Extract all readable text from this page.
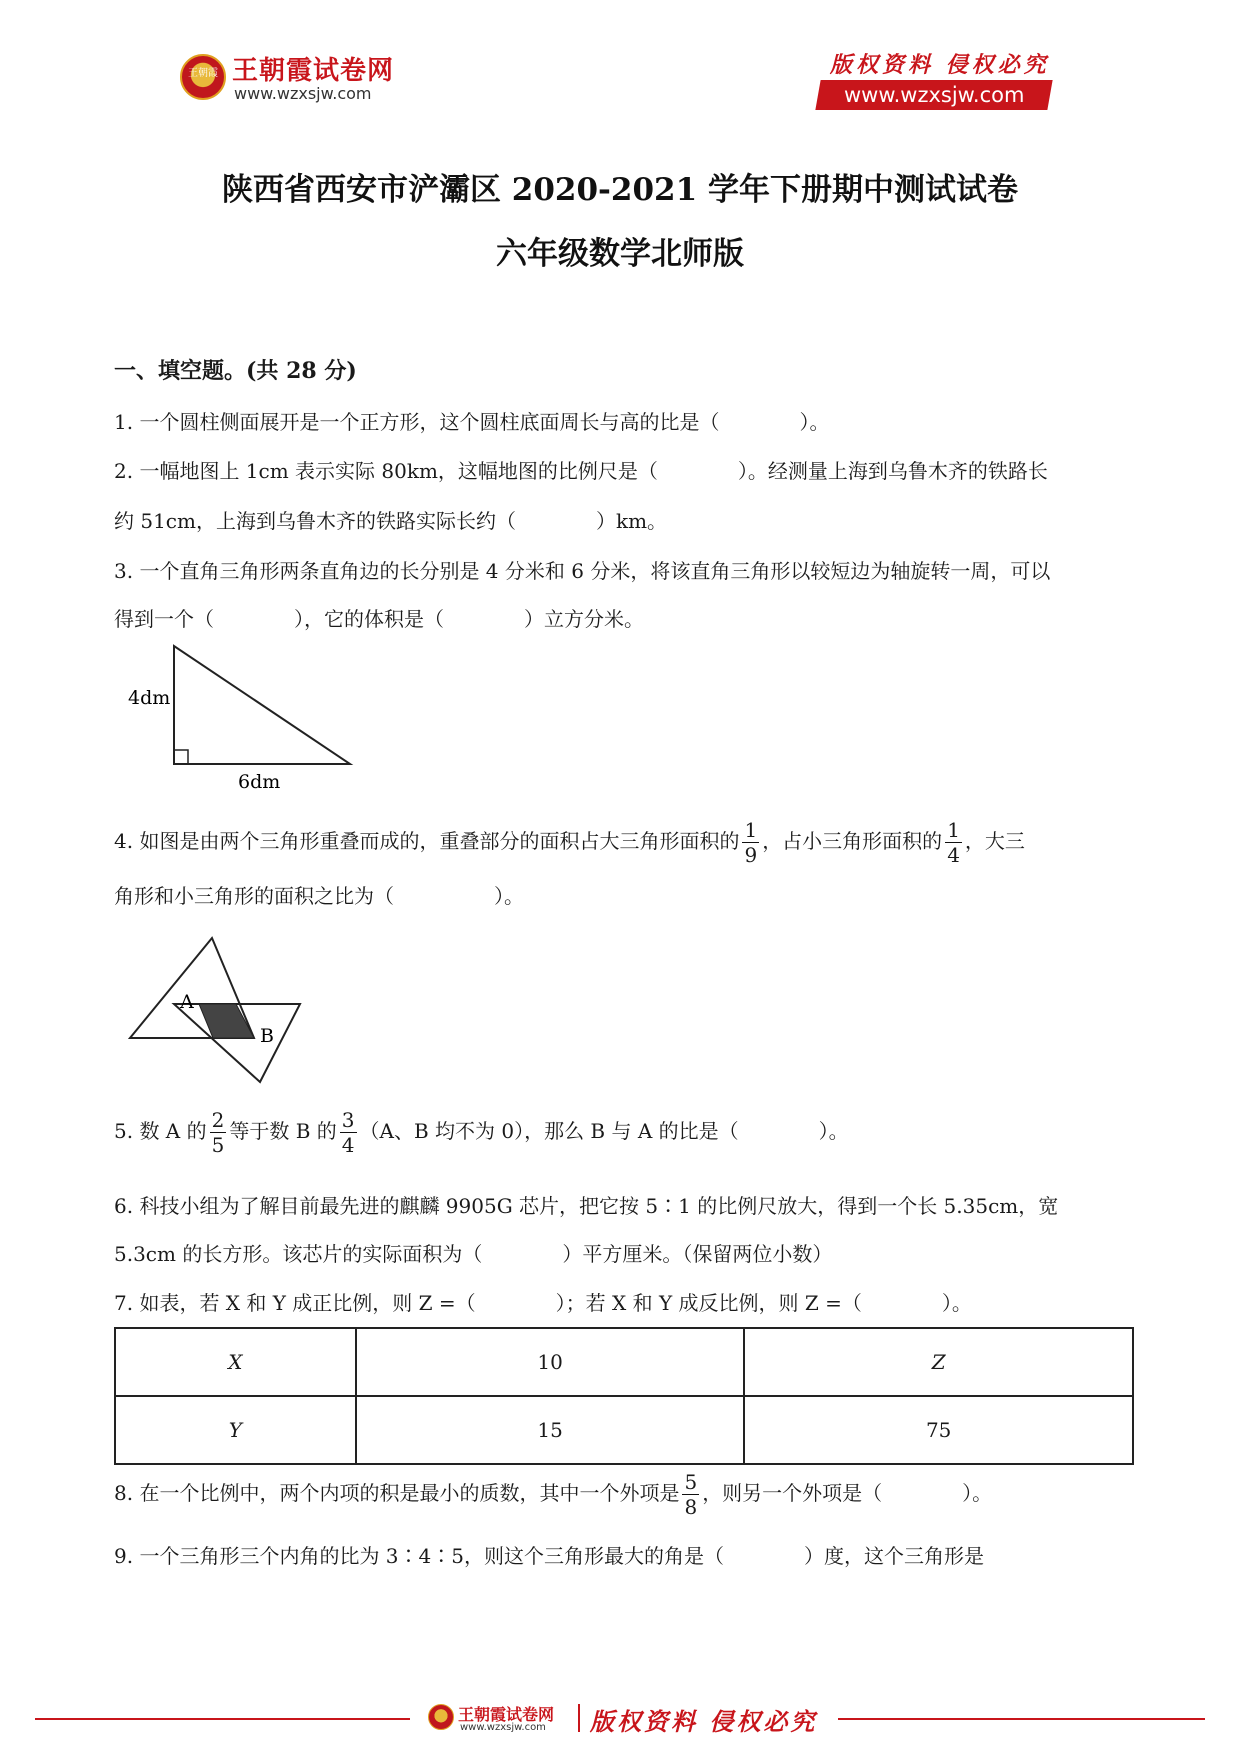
王朝霞 王朝霞试卷网
www.wzxsjw.com
版权资料 侵权必究
www.wzxsjw.com
陕西省西安市浐灞区 2020-2021 学年下册期中测试试卷
六年级数学北师版
一、填空题。(共 28 分)
1. 一个圆柱侧面展开是一个正方形，这个圆柱底面周长与高的比是（　　　　）。
2. 一幅地图上 1cm 表示实际 80km，这幅地图的比例尺是（　　　　）。经测量上海到乌鲁木齐的铁路长
约 51cm，上海到乌鲁木齐的铁路实际长约（　　　　）km。
3. 一个直角三角形两条直角边的长分别是 4 分米和 6 分米，将该直角三角形以较短边为轴旋转一周，可以
得到一个（　　　　），它的体积是（　　　　）立方分米。
4dm
6dm
4. 如图是由两个三角形重叠而成的，重叠部分的面积占大三角形面积的 $\frac{1}{9}$ ，占小三角形面积的 $\frac{1}{4}$ ，大三
角形和小三角形的面积之比为（　　　　　）。
A
B
5. 数 A 的 $\frac{2}{5}$ 等于数 B 的 $\frac{3}{4} (A$、B 均不为 0），那么 B 与 A 的比是（　　　　）。
6. 科技小组为了解目前最先进的麒麟 9905G 芯片，把它按 5∶1 的比例尺放大，得到一个长 5.35cm，宽
5.3cm 的长方形。该芯片的实际面积为（　　　　）平方厘米。（保留两位小数）
7. 如表，若 X 和 Y 成正比例，则 Z =（　　　　）；若 X 和 Y 成反比例，则 Z =（　　　　）。
X	10	Z
Y	15	75
8. 在一个比例中，两个内项的积是最小的质数，其中一个外项是 $\frac{5}{8}$ ，则另一个外项是（　　　　）。
9. 一个三角形三个内角的比为 3∶4∶5，则这个三角形最大的角是（　　　　）度，这个三角形是
王朝霞试卷网
www.wzxsjw.com 版权资料 侵权必究
